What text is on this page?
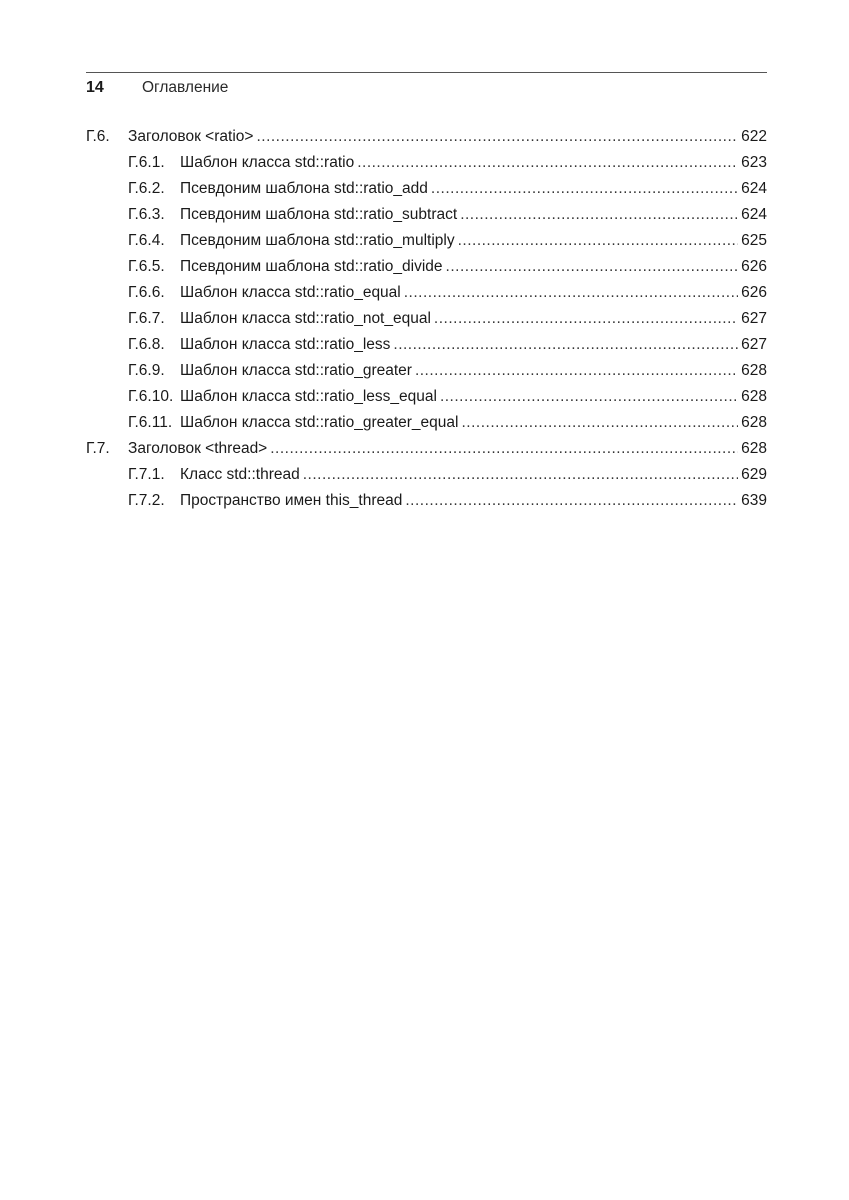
14	Оглавление
Г.6.	Заголовок <ratio> .....	622
Г.6.1. Шаблон класса std::ratio .....	623
Г.6.2. Псевдоним шаблона std::ratio_add .....	624
Г.6.3. Псевдоним шаблона std::ratio_subtract .....	624
Г.6.4. Псевдоним шаблона std::ratio_multiply .....	625
Г.6.5. Псевдоним шаблона std::ratio_divide .....	626
Г.6.6. Шаблон класса std::ratio_equal .....	626
Г.6.7. Шаблон класса std::ratio_not_equal .....	627
Г.6.8. Шаблон класса std::ratio_less .....	627
Г.6.9. Шаблон класса std::ratio_greater .....	628
Г.6.10. Шаблон класса std::ratio_less_equal .....	628
Г.6.11. Шаблон класса std::ratio_greater_equal .....	628
Г.7.	Заголовок <thread> .....	628
Г.7.1. Класс std::thread .....	629
Г.7.2. Пространство имен this_thread .....	639
